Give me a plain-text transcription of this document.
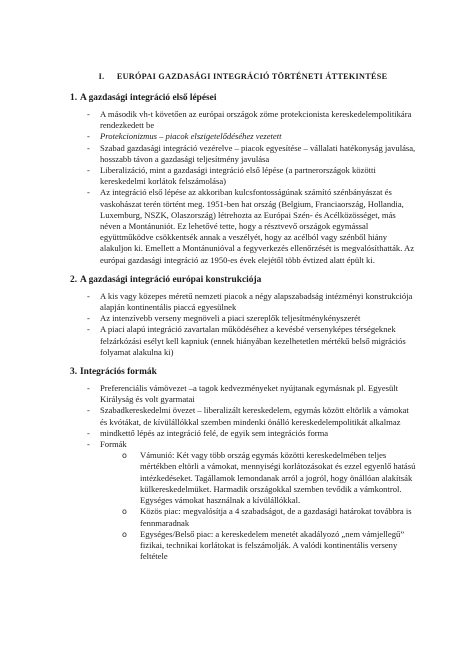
I. EURÓPAI GAZDASÁGI INTEGRÁCIÓ TÖRTÉNETI ÁTTEKINTÉSE
1. A gazdasági integráció első lépései
- A második vh-t követően az európai országok zöme protekcionista kereskedelempolitikára rendezkedett be
- Protekcionizmus – piacok elszigetelődéséhez vezetett
- Szabad gazdasági integráció vezérelve – piacok egyesítése – vállalati hatékonyság javulása, hosszabb távon a gazdasági teljesítmény javulása
- Liberalizáció, mint a gazdasági integráció első lépése (a partnerországok közötti kereskedelmi korlátok felszámolása)
- Az integráció első lépése az akkoriban kulcsfontosságúnak számító szénbányászat és vaskohászat terén történt meg. 1951-ben hat ország (Belgium, Franciaország, Hollandia, Luxemburg, NSZK, Olaszország) létrehozta az Európai Szén- és Acélközösséget, más néven a Montánuniót. Ez lehetővé tette, hogy a résztvevő országok egymással együttműködve csökkentsék annak a veszélyét, hogy az acélból vagy szénből hiány alakuljon ki. Emellett a Montánunióval a fegyverkezés ellenőrzését is megvalósíthatták. Az európai gazdasági integráció az 1950-es évek elejétől több évtized alatt épült ki.
2. A gazdasági integráció európai konstrukciója
- A kis vagy közepes méretű nemzeti piacok a négy alapszabadság intézményi konstrukciója alapján kontinentális piaccá egyesülnek
- Az intenzívebb verseny megnöveli a piaci szereplők teljesítménykényszerét
- A piaci alapú integráció zavartalan működéséhez a kevésbé versenyképes térségeknek felzárkózási esélyt kell kapniuk (ennek hiányában kezelhetetlen mértékű belső migrációs folyamat alakulna ki)
3. Integrációs formák
- Preferenciális vámövezet –a tagok kedvezményeket nyújtanak egymásnak pl. Egyesült Királyság és volt gyarmatai
- Szabadkereskedelmi övezet – liberalizált kereskedelem, egymás között eltörlik a vámokat és kvótákat, de kívülállókkal szemben mindenki önálló kereskedelempolitikát alkalmaz
- mindkettő lépés az integráció felé, de egyik sem integrációs forma
- Formák
o Vámunió: Két vagy több ország egymás közötti kereskedelmében teljes mértékben eltörli a vámokat, mennyiségi korlátozásokat és ezzel egyenlő hatású intézkedéseket. Tagállamok lemondanak arról a jogról, hogy önállóan alakítsák külkereskedelmüket. Harmadik országokkal szemben tevődik a vámkontrol. Egységes vámokat használnak a kívülállókkal.
o Közös piac: megvalósítja a 4 szabadságot, de a gazdasági határokat továbbra is fennmaradnak
o Egységes/Belső piac: a kereskedelem menetét akadályozó „nem vámjellegű” fizikai, technikai korlátokat is felszámolják. A valódi kontinentális verseny feltétele
